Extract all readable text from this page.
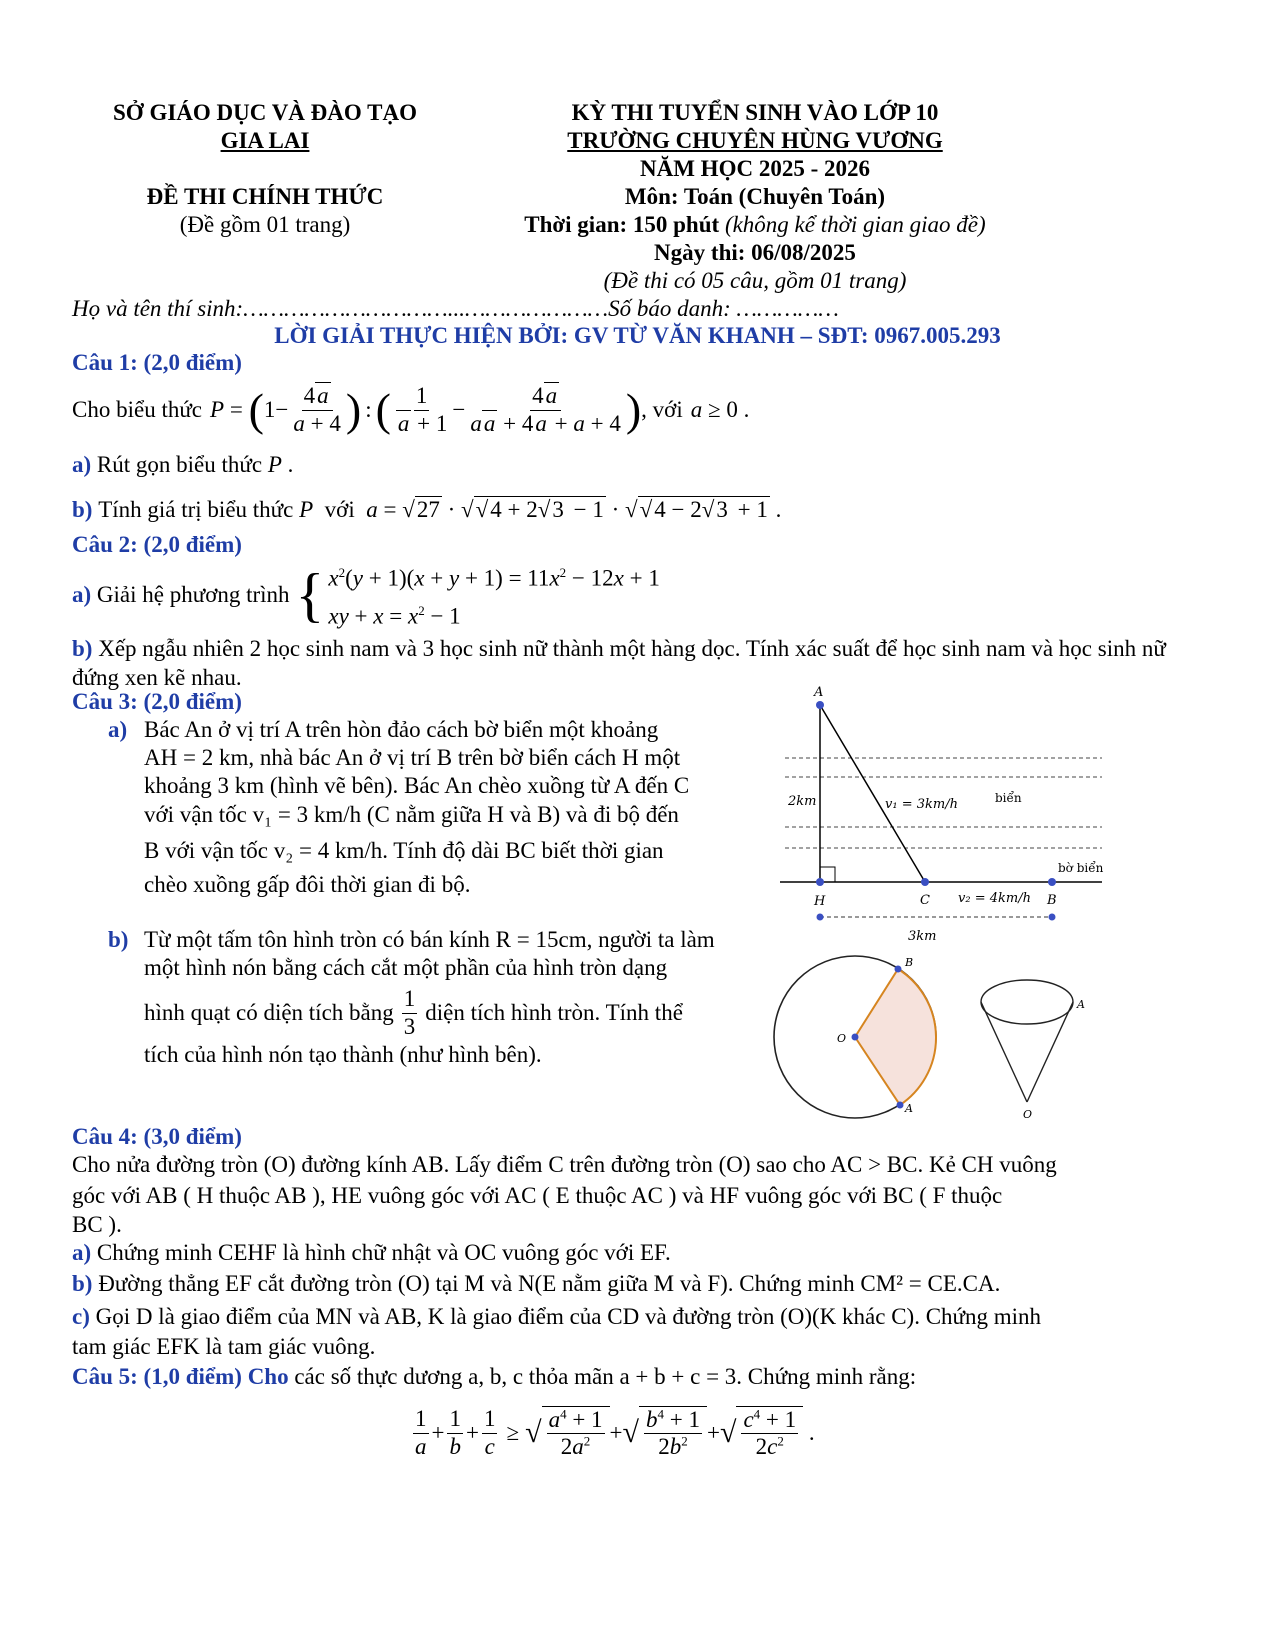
SỞ GIÁO DỤC VÀ ĐÀO TẠO
GIA LAI
KỲ THI TUYỂN SINH VÀO LỚP 10
TRƯỜNG CHUYÊN HÙNG VƯƠNG
NĂM HỌC 2025 - 2026
ĐỀ THI CHÍNH THỨC
(Đề gồm 01 trang)
Môn: Toán (Chuyên Toán)
Thời gian: 150 phút (không kể thời gian giao đề)
Ngày thi: 06/08/2025
(Đề thi có 05 câu, gồm 01 trang)
Họ và tên thí sinh:…………………………...…………………Số báo danh: ……………
LỜI GIẢI THỰC HIỆN BỞI: GV TỪ VĂN KHANH – SĐT: 0967.005.293
Câu 1: (2,0 điểm)
Cho biểu thức P = ( $1- \frac{4a}{a + 4}$ ) : ( $\frac{1}{a + 1} - \frac{4a}{aa + 4a + a + 4}$ ) , với a ≥ 0 .
a) Rút gọn biểu thức P .
b)
Tính giá trị biểu thức
P
với
a = √ 27 · √ √4 + 2√3 − 1 · √ √4 − 2√3 + 1 .
Câu 2: (2,0 điểm)
a)
Giải hệ phương trình { $x^2(y + 1)(x + y + 1) = 11x^2 - 12x + 1$
xy + $x = x^2 - 1$
b) Xếp ngẫu nhiên 2 học sinh nam và 3 học sinh nữ thành một hàng dọc. Tính xác suất để học sinh nam và học sinh nữ đứng xen kẽ nhau.
Câu 3: (2,0 điểm)
a) Bác An ở vị trí A trên hòn đảo cách bờ biển một khoảng
AH = 2 km, nhà bác An ở vị trí B trên bờ biển cách H một
khoảng 3 km (hình vẽ bên). Bác An chèo xuồng từ A đến C
với vận tốc v₁ = 3 km/h (C nằm giữa H và B) và đi bộ đến
B với vận tốc v₂ = 4 km/h. Tính độ dài BC biết thời gian
chèo xuồng gấp đôi thời gian đi bộ.
b) Từ một tấm tôn hình tròn có bán kính R = 15cm, người ta làm
một hình nón bằng cách cắt một phần của hình tròn dạng
hình quạt có diện tích bằng $\frac{1}{3}$ diện tích hình tròn. Tính thể
tích của hình nón tạo thành (như hình bên).
A
H	C	B
2km	v₁ = 3km/h	biển
bờ biển
v₂ = 4km/h
3km
O
B
A
A
O
Câu 4: (3,0 điểm)
Cho nửa đường tròn (O) đường kính AB. Lấy điểm C trên đường tròn (O) sao cho AC > BC. Kẻ CH vuông
góc với AB ( H thuộc AB ), HE vuông góc với AC ( E thuộc AC ) và HF vuông góc với BC ( F thuộc
BC ).
a) Chứng minh CEHF là hình chữ nhật và OC vuông góc với EF.
b) Đường thẳng EF cắt đường tròn (O) tại M và N(E nằm giữa M và F). Chứng minh CM² = CE.CA.
c) Gọi D là giao điểm của MN và AB, K là giao điểm của CD và đường tròn (O)(K khác C). Chứng minh
tam giác EFK là tam giác vuông.
Câu 5: (1,0 điểm) Cho các số thực dương a, b, c thỏa mãn a + b + c = 3. Chứng minh rằng:
$\frac{1}{a} + \frac{1}{b} + \frac{1}{c}$ ≥ √ $\frac{a^4 + 1}{2a^2}$ + √ $\frac{b^4 + 1}{2b^2}$ + √ $\frac{c^4 + 1}{2c^2}$ .
